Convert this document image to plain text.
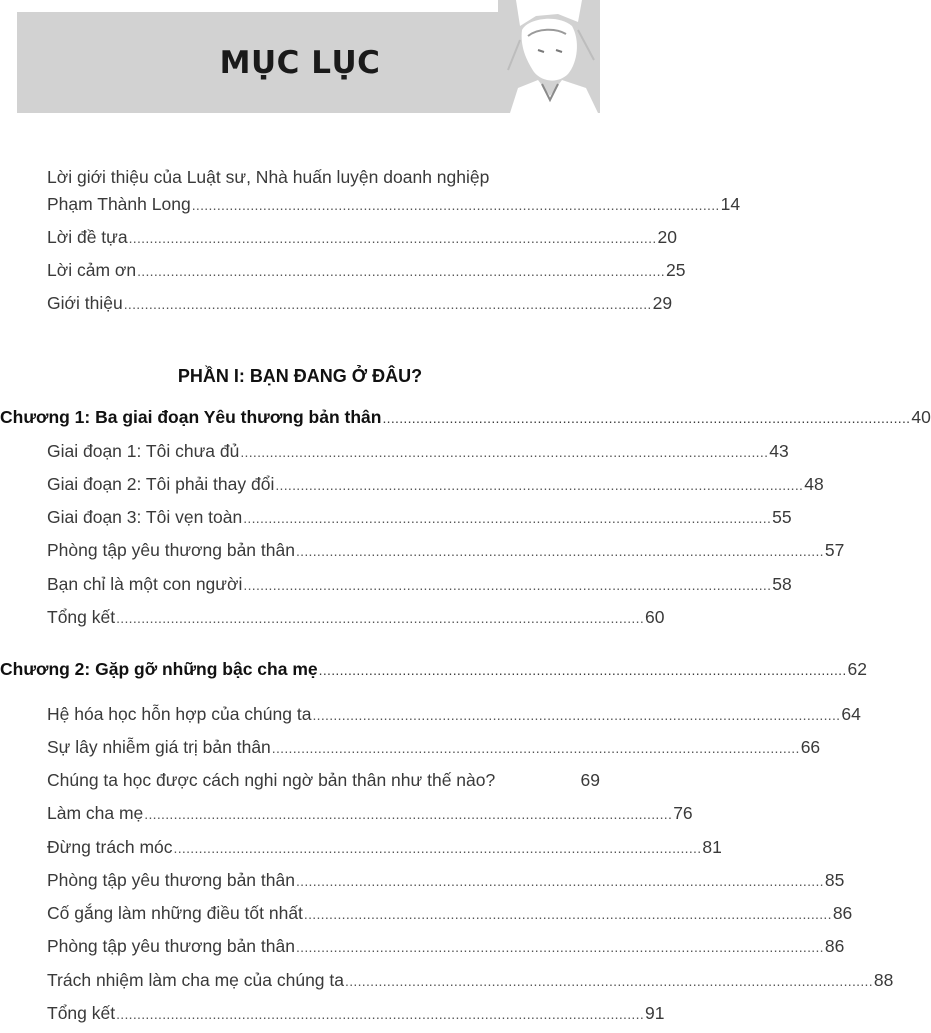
MỤC LỤC
Lời giới thiệu của Luật sư, Nhà huấn luyện doanh nghiệp
Phạm Thành Long .............................................................................................................................. 14
Lời đề tựa .............................................................................................................................. 20
Lời cảm ơn .............................................................................................................................. 25
Giới thiệu .............................................................................................................................. 29
PHẦN I: BẠN ĐANG Ở ĐÂU?
Chương 1: Ba giai đoạn Yêu thương bản thân .............................................................................................................................. 40
Giai đoạn 1: Tôi chưa đủ .............................................................................................................................. 43
Giai đoạn 2: Tôi phải thay đổi .............................................................................................................................. 48
Giai đoạn 3: Tôi vẹn toàn .............................................................................................................................. 55
Phòng tập yêu thương bản thân .............................................................................................................................. 57
Bạn chỉ là một con người .............................................................................................................................. 58
Tổng kết .............................................................................................................................. 60
Chương 2: Gặp gỡ những bậc cha mẹ .............................................................................................................................. 62
Hệ hóa học hỗn hợp của chúng ta .............................................................................................................................. 64
Sự lây nhiễm giá trị bản thân .............................................................................................................................. 66
Chúng ta học được cách nghi ngờ bản thân như thế nào?	69
Làm cha mẹ .............................................................................................................................. 76
Đừng trách móc .............................................................................................................................. 81
Phòng tập yêu thương bản thân .............................................................................................................................. 85
Cố gắng làm những điều tốt nhất .............................................................................................................................. 86
Phòng tập yêu thương bản thân .............................................................................................................................. 86
Trách nhiệm làm cha mẹ của chúng ta .............................................................................................................................. 88
Tổng kết .............................................................................................................................. 91
